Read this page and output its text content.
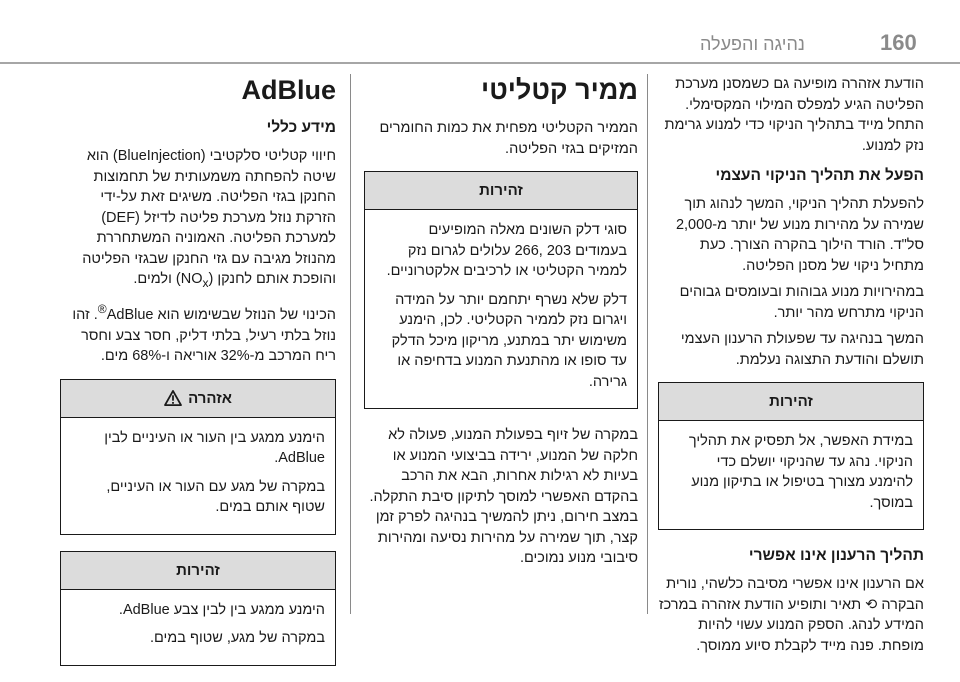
160
נהיגה והפעלה

הודעת אזהרה מופיעה גם כשמסנן מערכת הפליטה הגיע למפלס המילוי המקסימלי. התחל מייד בתהליך הניקוי כדי למנוע גרימת נזק למנוע.

הפעל את תהליך הניקוי העצמי

להפעלת תהליך הניקוי, המשך לנהוג תוך שמירה על מהירות מנוע של יותר מ-2,000 סל"ד. הורד הילוך בהקרה הצורך. כעת מתחיל ניקוי של מסנן הפליטה.

במהירויות מנוע גבוהות ובעומסים גבוהים הניקוי מתרחש מהר יותר.

המשך בנהיגה עד שפעולת הרענון העצמי תושלם והודעת התצוגה נעלמת.

זהירות

במידת האפשר, אל תפסיק את תהליך הניקוי. נהג עד שהניקוי יושלם כדי להימנע מצורך בטיפול או בתיקון מנוע במוסך.

תהליך הרענון אינו אפשרי

אם הרענון אינו אפשרי מסיבה כלשהי, נורית הבקרה ⟲ תאיר ותופיע הודעת אזהרה במרכז המידע לנהג. הספק המנוע עשוי להיות מופחת. פנה מייד לקבלת סיוע ממוסך.

ממיר קטליטי

הממיר הקטליטי מפחית את כמות החומרים המזיקים בגזי הפליטה.

זהירות

סוגי דלק השונים מאלה המופיעים בעמודים 203 ,266 עלולים לגרום נזק לממיר הקטליטי או לרכיבים אלקטרוניים.

דלק שלא נשרף יתחמם יותר על המידה ויגרום נזק לממיר הקטליטי. לכן, הימנע משימוש יתר במתנע, מריקון מיכל הדלק עד סופו או מהתנעת המנוע בדחיפה או גרירה.

במקרה של זיוף בפעולת המנוע, פעולה לא חלקה של המנוע, ירידה בביצועי המנוע או בעיות לא רגילות אחרות, הבא את הרכב בהקדם האפשרי למוסך לתיקון סיבת התקלה. במצב חירום, ניתן להמשיך בנהיגה לפרק זמן קצר, תוך שמירה על מהירות נסיעה ומהירות סיבובי מנוע נמוכים.

AdBlue
מידע כללי

חיווי קטליטי סלקטיבי (BlueInjection) הוא שיטה להפחתה משמעותית של תחמוצות החנקן בגזי הפליטה. משיגים זאת על-ידי הזרקת נוזל מערכת פליטה לדיזל (DEF) למערכת הפליטה. האמוניה המשתחררת מהנוזל מגיבה עם גזי החנקן שבגזי הפליטה והופכת אותם לחנקן $(NO_x)$ ולמים.

הכינוי של הנוזל שבשימוש הוא AdBlue®. זהו נוזל בלתי רעיל, בלתי דליק, חסר צבע וחסר ריח המרכב מ-32% אוריאה ו-68% מים.

אזהרה

הימנע ממגע בין העור או העיניים לבין AdBlue.

במקרה של מגע עם העור או העיניים, שטוף אותם במים.

זהירות

הימנע ממגע בין לבין צבע AdBlue.

במקרה של מגע, שטוף במים.
